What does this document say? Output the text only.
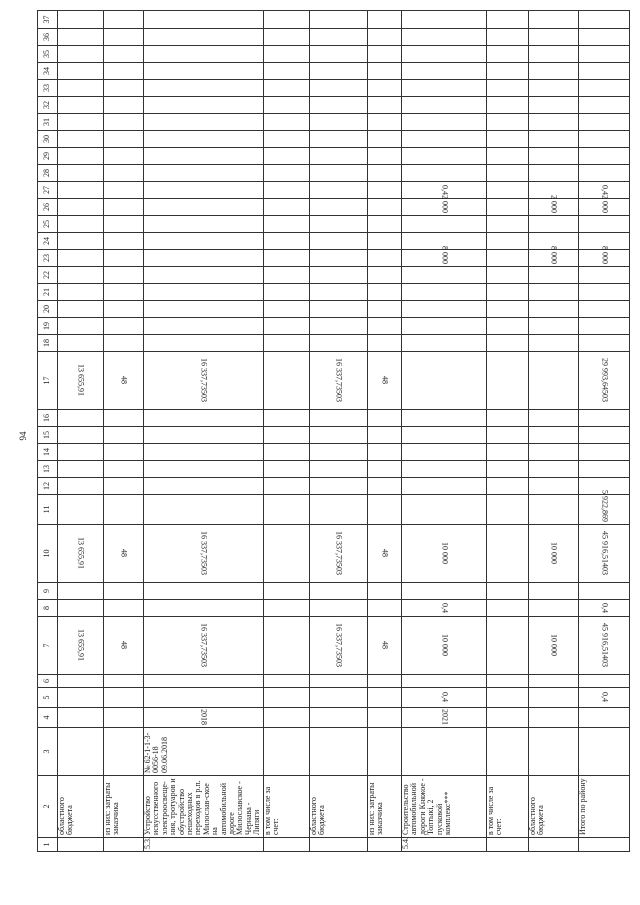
94
1	2	3	4	5	6	7	8	9	10	11	12	13	14	15	16	17	18	19	20	21	22	23	24	25	26	27	28	29	30	31	32	33	34	35	36	37
	областного бюджета					13 655,91			13 655,91							13 655,91																				
	из них: затраты заказчика					48			48							48																				
5.3.	Устройство искусственного электроосвеще-ния, тротуаров и обустройство пешеходных переходов в р.п. Милослав-ское на автомобильной дороге Милославское - Чернава - Липяги	№ 62-1-1-3-0056-18 09.06.2018	2018			16 337,73503			16 337,73503							16 337,73503																				
	в том числе за счет:																																			
	областного бюджета					16 337,73503			16 337,73503							16 337,73503																				
	из них: затраты заказчика					48			48							48																				
5.4.	Строительство автомобильной дороги Княжое - Топтыкi, 2 пусковой комплекс***		2021	0,4		10 000	0,4		10 000													8 000			2 000	0,4										
	в том числе за счет:																																			
	областного бюджета					10 000			10 000													8 000			2 000											
	Итого по району			0,4		45 916,51403	0,4		45 916,51403	5 922,869						29 993,64503						8 000			2 000	0,4										
